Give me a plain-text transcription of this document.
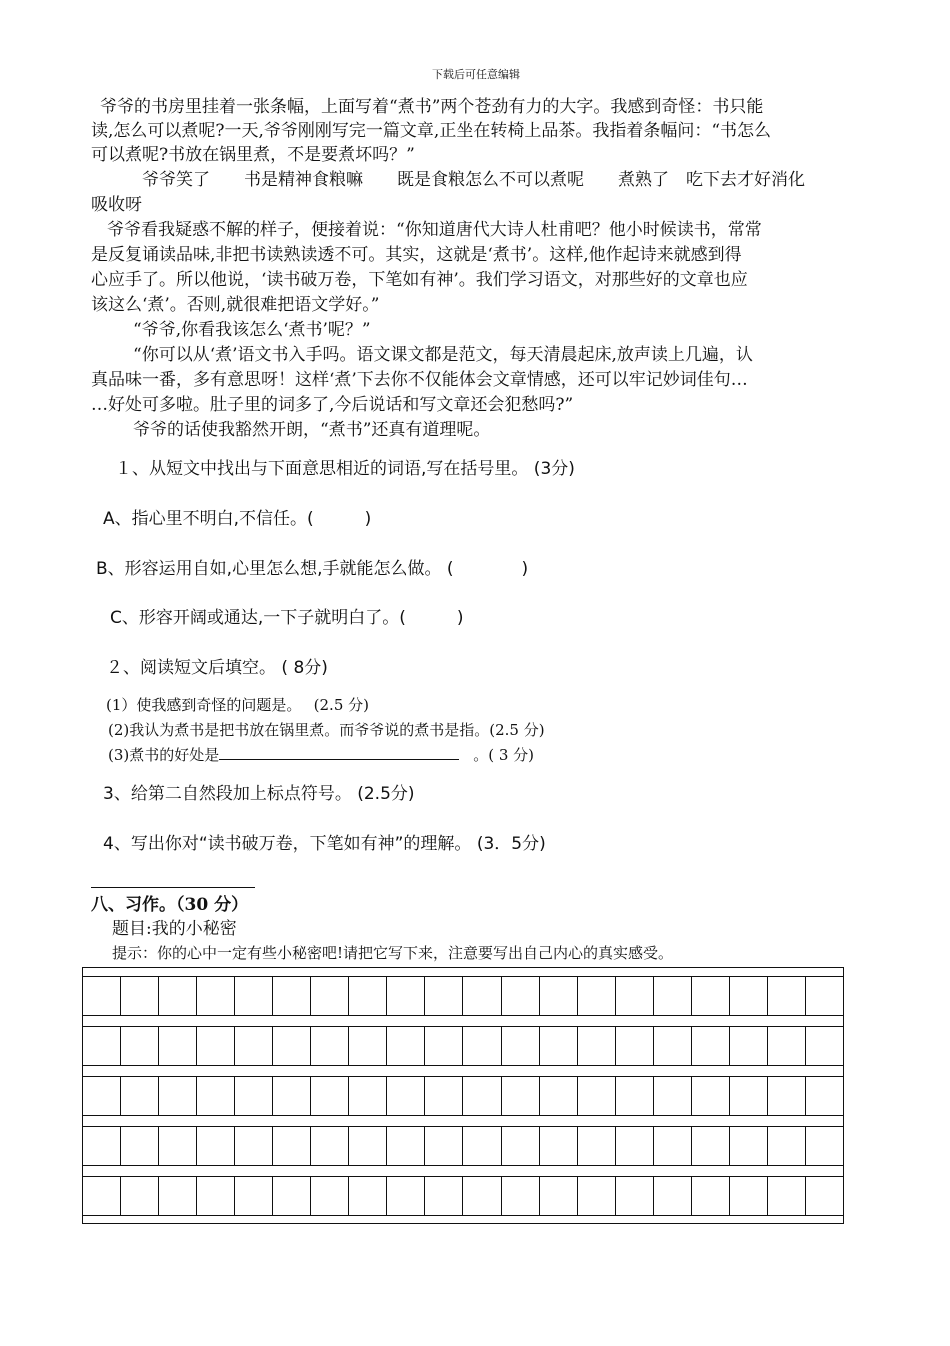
下载后可任意编辑
爷爷的书房里挂着一张条幅，上面写着“煮书”两个苍劲有力的大字。我感到奇怪：书只能
读,怎么可以煮呢?一天,爷爷刚刚写完一篇文章,正坐在转椅上品茶。我指着条幅问：“书怎么
可以煮呢?书放在锅里煮，不是要煮坏吗？”
爷爷笑了　　书是精神食粮嘛　　既是食粮怎么不可以煮呢　　煮熟了　吃下去才好消化
吸收呀
爷爷看我疑惑不解的样子，便接着说：“你知道唐代大诗人杜甫吧？他小时候读书，常常
是反复诵读品味,非把书读熟读透不可。其实，这就是‘煮书’。这样,他作起诗来就感到得
心应手了。所以他说，‘读书破万卷，下笔如有神’。我们学习语文，对那些好的文章也应
该这么‘煮’。否则,就很难把语文学好。”
“爷爷,你看我该怎么‘煮书’呢？”
“你可以从‘煮’语文书入手吗。语文课文都是范文，每天清晨起床,放声读上几遍，认
真品味一番，多有意思呀！这样‘煮’下去你不仅能体会文章情感，还可以牢记妙词佳句…
…好处可多啦。肚子里的词多了,今后说话和写文章还会犯愁吗?”
爷爷的话使我豁然开朗，“煮书”还真有道理呢。
１、从短文中找出与下面意思相近的词语,写在括号里。 (3分)
A、指心里不明白,不信任。(　　　)
B、形容运用自如,心里怎么想,手就能怎么做。 (　　　　)
C、形容开阔或通达,一下子就明白了。(　　　)
２、阅读短文后填空。 ( 8分)
(1）使我感到奇怪的问题是。　 (2.5 分)
(2)我认为煮书是把书放在锅里煮。而爷爷说的煮书是指。(2.5 分)
(3)煮书的好处是	。( 3 分)
3、给第二自然段加上标点符号。 (2.5分)
4、写出你对“读书破万卷，下笔如有神”的理解。 (3．5分)
八、习作。（30 分）
题目:我的小秘密
提示：你的心中一定有些小秘密吧!请把它写下来，注意要写出自己内心的真实感受。
